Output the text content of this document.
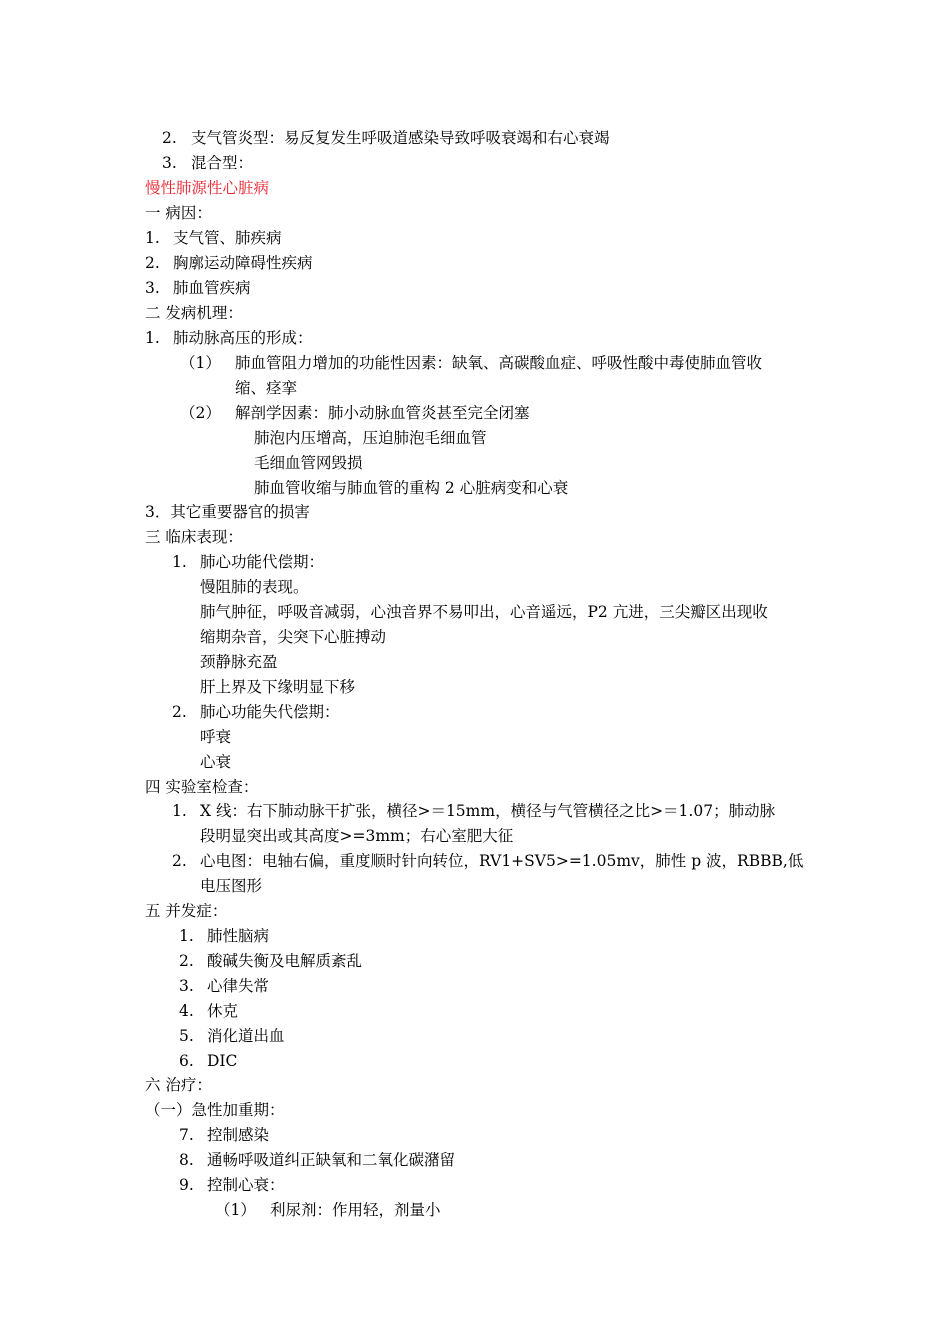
2. 支气管炎型：易反复发生呼吸道感染导致呼吸衰竭和右心衰竭
3. 混合型：
慢性肺源性心脏病
一 病因：
1. 支气管、肺疾病
2. 胸廓运动障碍性疾病
3. 肺血管疾病
二 发病机理：
1. 肺动脉高压的形成：
（1） 肺血管阻力增加的功能性因素：缺氧、高碳酸血症、呼吸性酸中毒使肺血管收
缩、痉挛
（2） 解剖学因素：肺小动脉血管炎甚至完全闭塞
肺泡内压增高，压迫肺泡毛细血管
毛细血管网毁损
肺血管收缩与肺血管的重构 2 心脏病变和心衰
3．其它重要器官的损害
三 临床表现：
1. 肺心功能代偿期：
慢阻肺的表现。
肺气肿征，呼吸音减弱，心浊音界不易叩出，心音遥远，P2 亢进，三尖瓣区出现收
缩期杂音，尖突下心脏搏动
颈静脉充盈
肝上界及下缘明显下移
2. 肺心功能失代偿期：
呼衰
心衰
四 实验室检查：
1. X 线：右下肺动脉干扩张，横径>＝15mm，横径与气管横径之比>＝1.07；肺动脉
段明显突出或其高度>=3mm；右心室肥大征
2. 心电图：电轴右偏，重度顺时针向转位，RV1+SV5>=1.05mv，肺性 p 波，RBBB,低
电压图形
五 并发症：
1. 肺性脑病
2. 酸碱失衡及电解质紊乱
3. 心律失常
4. 休克
5. 消化道出血
6. DIC
六 治疗：
（一）急性加重期：
7. 控制感染
8. 通畅呼吸道纠正缺氧和二氧化碳潴留
9. 控制心衰：
（1） 利尿剂：作用轻，剂量小
